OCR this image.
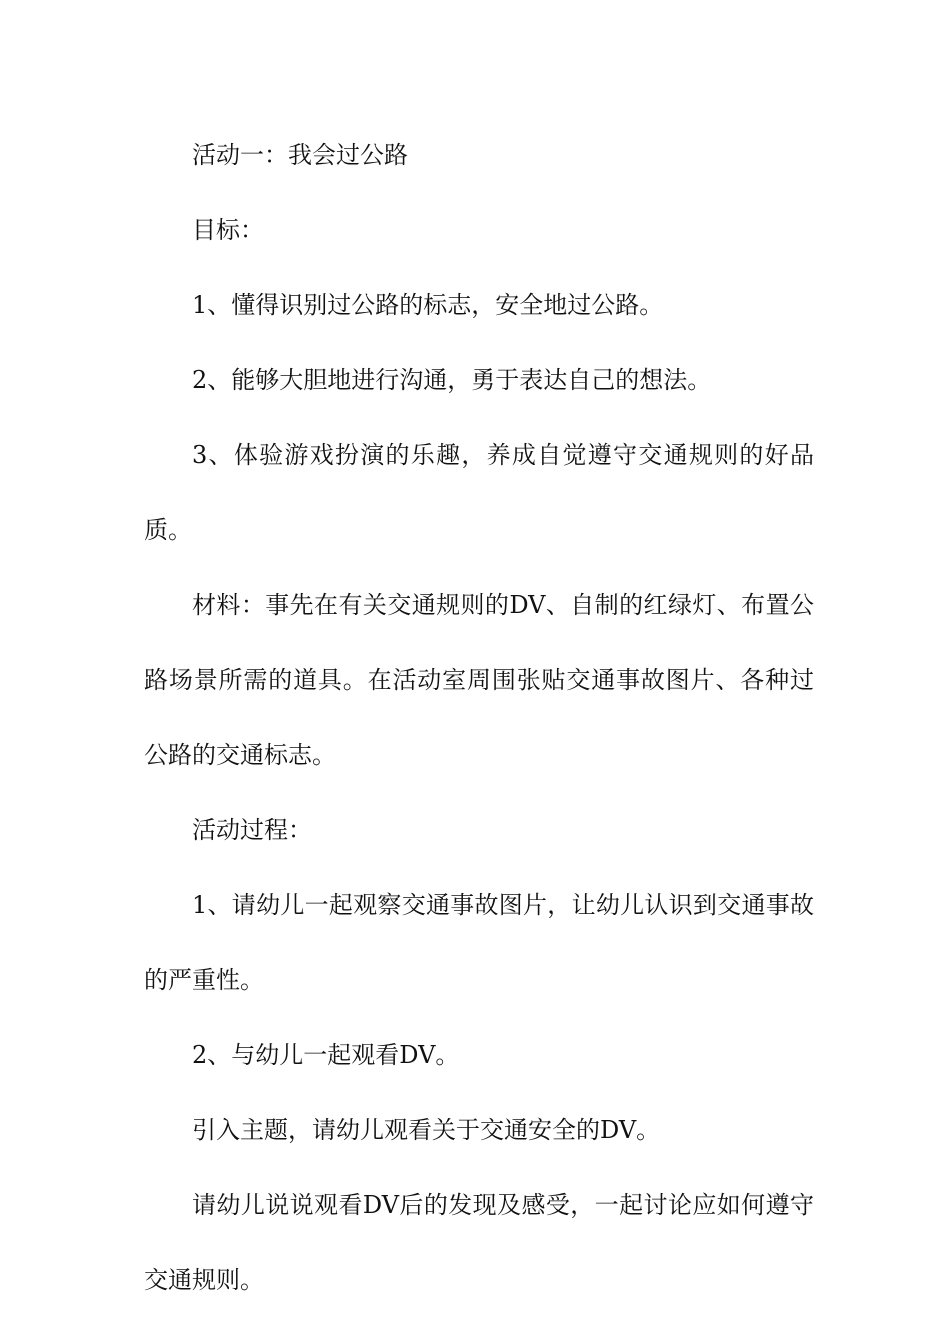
活动一：我会过公路

目标：

1、懂得识别过公路的标志，安全地过公路。

2、能够大胆地进行沟通，勇于表达自己的想法。

3、体验游戏扮演的乐趣，养成自觉遵守交通规则的好品质。

材料：事先在有关交通规则的DV、自制的红绿灯、布置公路场景所需的道具。在活动室周围张贴交通事故图片、各种过公路的交通标志。

活动过程：

1、请幼儿一起观察交通事故图片，让幼儿认识到交通事故的严重性。

2、与幼儿一起观看DV。

引入主题，请幼儿观看关于交通安全的DV。

请幼儿说说观看DV后的发现及感受，一起讨论应如何遵守交通规则。
